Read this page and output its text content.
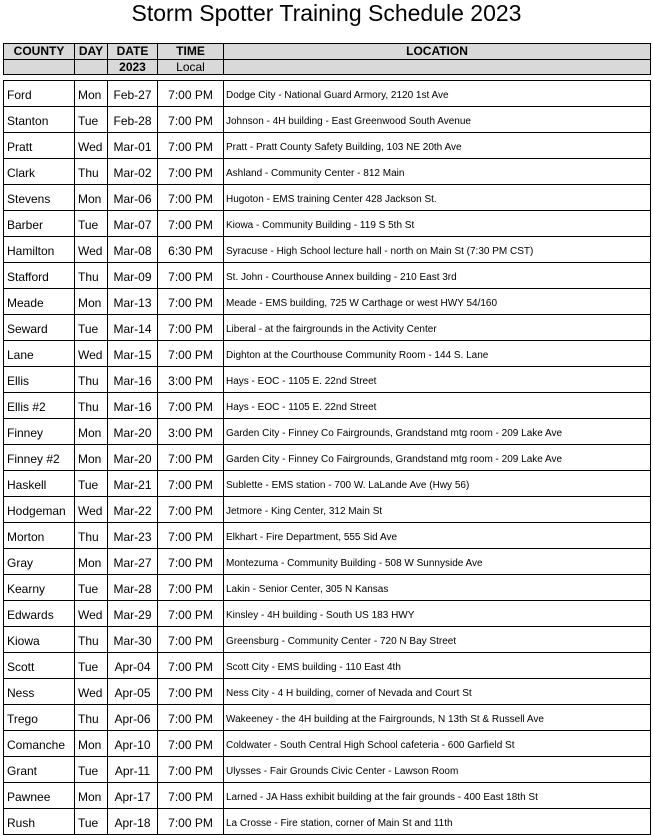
Storm Spotter Training Schedule 2023
COUNTY	DAY	DATE	TIME	LOCATION
		2023	Local	

Ford	Mon	Feb-27	7:00 PM	Dodge City - National Guard Armory, 2120 1st Ave
Stanton	Tue	Feb-28	7:00 PM	Johnson - 4H building - East Greenwood South Avenue
Pratt	Wed	Mar-01	7:00 PM	Pratt - Pratt County Safety Building, 103 NE 20th Ave
Clark	Thu	Mar-02	7:00 PM	Ashland - Community Center - 812 Main
Stevens	Mon	Mar-06	7:00 PM	Hugoton - EMS training Center 428 Jackson St.
Barber	Tue	Mar-07	7:00 PM	Kiowa - Community Building - 119 S 5th St
Hamilton	Wed	Mar-08	6:30 PM	Syracuse - High School lecture hall - north on Main St (7:30 PM CST)
Stafford	Thu	Mar-09	7:00 PM	St. John - Courthouse Annex building - 210 East 3rd
Meade	Mon	Mar-13	7:00 PM	Meade - EMS building, 725 W Carthage or west HWY 54/160
Seward	Tue	Mar-14	7:00 PM	Liberal - at the fairgrounds in the Activity Center
Lane	Wed	Mar-15	7:00 PM	Dighton at the Courthouse Community Room - 144 S. Lane
Ellis	Thu	Mar-16	3:00 PM	Hays - EOC - 1105 E. 22nd Street
Ellis #2	Thu	Mar-16	7:00 PM	Hays - EOC - 1105 E. 22nd Street
Finney	Mon	Mar-20	3:00 PM	Garden City - Finney Co Fairgrounds, Grandstand mtg room - 209 Lake Ave
Finney #2	Mon	Mar-20	7:00 PM	Garden City - Finney Co Fairgrounds, Grandstand mtg room - 209 Lake Ave
Haskell	Tue	Mar-21	7:00 PM	Sublette - EMS station - 700 W. LaLande Ave (Hwy 56)
Hodgeman	Wed	Mar-22	7:00 PM	Jetmore - King Center, 312 Main St
Morton	Thu	Mar-23	7:00 PM	Elkhart - Fire Department, 555 Sid Ave
Gray	Mon	Mar-27	7:00 PM	Montezuma - Community Building - 508 W Sunnyside Ave
Kearny	Tue	Mar-28	7:00 PM	Lakin - Senior Center, 305 N Kansas
Edwards	Wed	Mar-29	7:00 PM	Kinsley - 4H building - South US 183 HWY
Kiowa	Thu	Mar-30	7:00 PM	Greensburg - Community Center - 720 N Bay Street
Scott	Tue	Apr-04	7:00 PM	Scott City - EMS building - 110 East 4th
Ness	Wed	Apr-05	7:00 PM	Ness City - 4 H building, corner of Nevada and Court St
Trego	Thu	Apr-06	7:00 PM	Wakeeney - the 4H building at the Fairgrounds, N 13th St & Russell Ave
Comanche	Mon	Apr-10	7:00 PM	Coldwater - South Central High School cafeteria - 600 Garfield St
Grant	Tue	Apr-11	7:00 PM	Ulysses - Fair Grounds Civic Center - Lawson Room
Pawnee	Mon	Apr-17	7:00 PM	Larned - JA Hass exhibit building at the fair grounds - 400 East 18th St
Rush	Tue	Apr-18	7:00 PM	La Crosse - Fire station, corner of Main St and 11th
